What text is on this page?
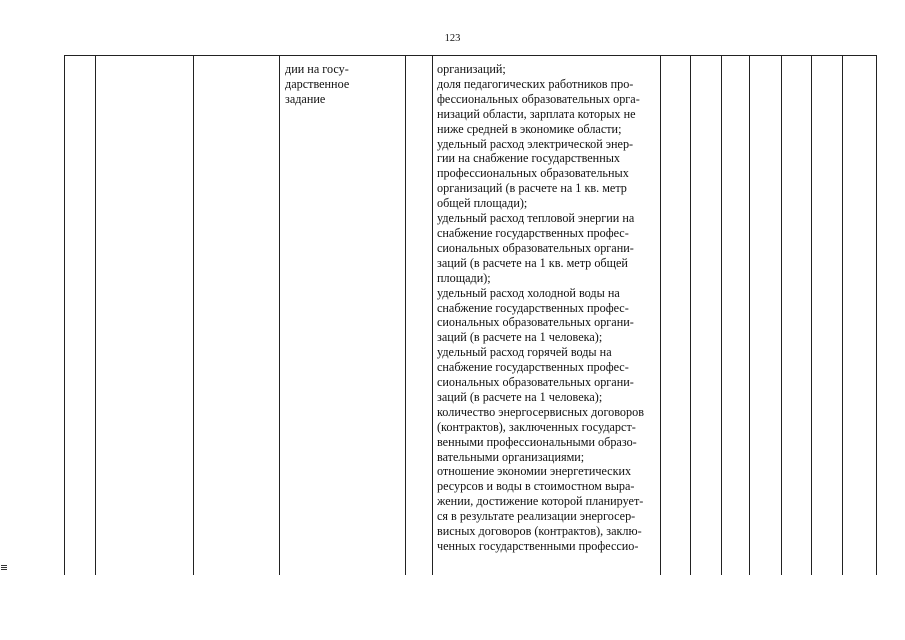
123

дии на госу-
дарственное
задание

организаций;
доля педагогических работников про-
фессиональных образовательных орга-
низаций области, зарплата которых не
ниже средней в экономике области;
удельный расход электрической энер-
гии на снабжение государственных
профессиональных образовательных
организаций (в расчете на 1 кв. метр
общей площади);
удельный расход тепловой энергии на
снабжение государственных профес-
сиональных образовательных органи-
заций (в расчете на 1 кв. метр общей
площади);
удельный расход холодной воды на
снабжение государственных профес-
сиональных образовательных органи-
заций (в расчете на 1 человека);
удельный расход горячей воды на
снабжение государственных профес-
сиональных образовательных органи-
заций (в расчете на 1 человека);
количество энергосервисных договоров
(контрактов), заключенных государст-
венными профессиональными образо-
вательными организациями;
отношение экономии энергетических
ресурсов и воды в стоимостном выра-
жении, достижение которой планирует-
ся в результате реализации энергосер-
висных договоров (контрактов), заклю-
ченных государственными профессио-
